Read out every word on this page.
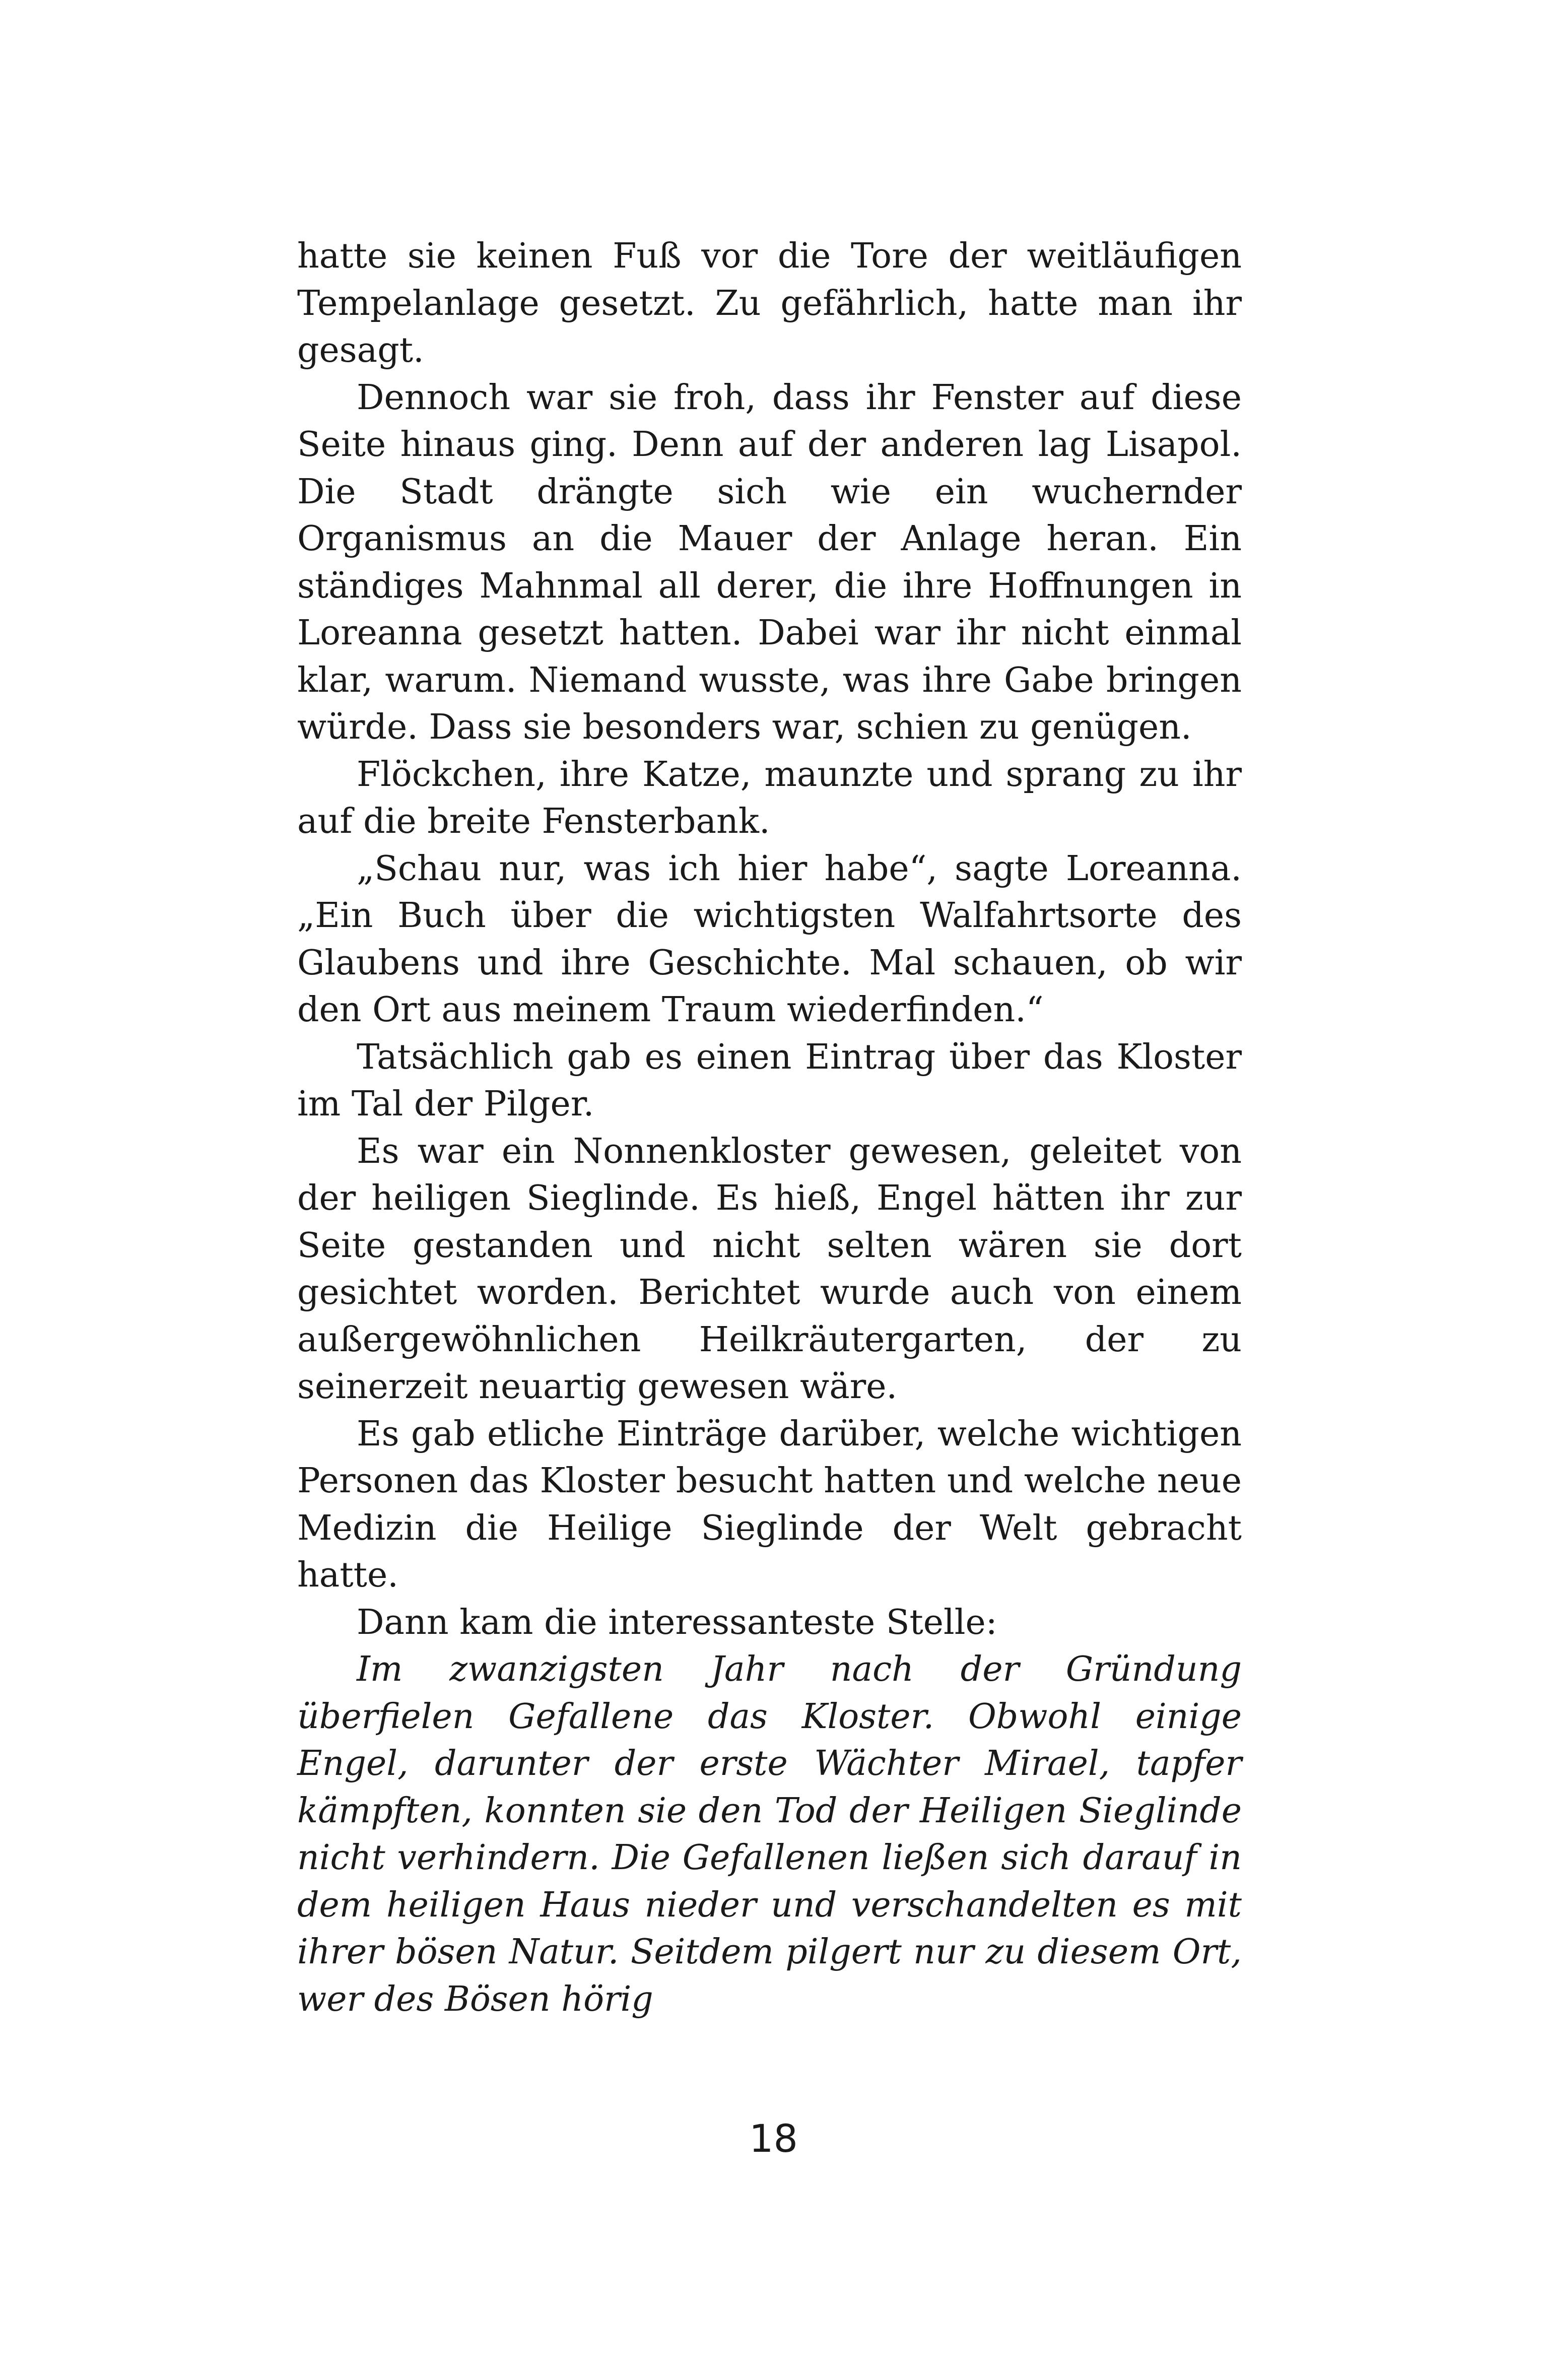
hatte sie keinen Fuß vor die Tore der weitläufigen Tempelanlage gesetzt. Zu gefährlich, hatte man ihr gesagt.

Dennoch war sie froh, dass ihr Fenster auf diese Seite hinaus ging. Denn auf der anderen lag Lisapol. Die Stadt drängte sich wie ein wuchernder Organismus an die Mauer der Anlage heran. Ein ständiges Mahnmal all derer, die ihre Hoffnungen in Loreanna gesetzt hatten. Dabei war ihr nicht einmal klar, warum. Niemand wusste, was ihre Gabe bringen würde. Dass sie besonders war, schien zu genügen.

Flöckchen, ihre Katze, maunzte und sprang zu ihr auf die breite Fensterbank.

„Schau nur, was ich hier habe“, sagte Loreanna. „Ein Buch über die wichtigsten Walfahrtsorte des Glaubens und ihre Geschichte. Mal schauen, ob wir den Ort aus meinem Traum wiederfinden.“

Tatsächlich gab es einen Eintrag über das Kloster im Tal der Pilger.

Es war ein Nonnenkloster gewesen, geleitet von der heiligen Sieglinde. Es hieß, Engel hätten ihr zur Seite gestanden und nicht selten wären sie dort gesichtet worden. Berichtet wurde auch von einem außergewöhnlichen Heilkräutergarten, der zu seinerzeit neuartig gewesen wäre.

Es gab etliche Einträge darüber, welche wichtigen Personen das Kloster besucht hatten und welche neue Medizin die Heilige Sieglinde der Welt gebracht hatte.

Dann kam die interessanteste Stelle:

Im zwanzigsten Jahr nach der Gründung überfielen Gefallene das Kloster. Obwohl einige Engel, darunter der erste Wächter Mirael, tapfer kämpften, konnten sie den Tod der Heiligen Sieglinde nicht verhindern. Die Gefallenen ließen sich darauf in dem heiligen Haus nieder und verschandelten es mit ihrer bösen Natur. Seitdem pilgert nur zu diesem Ort, wer des Bösen hörig

18
